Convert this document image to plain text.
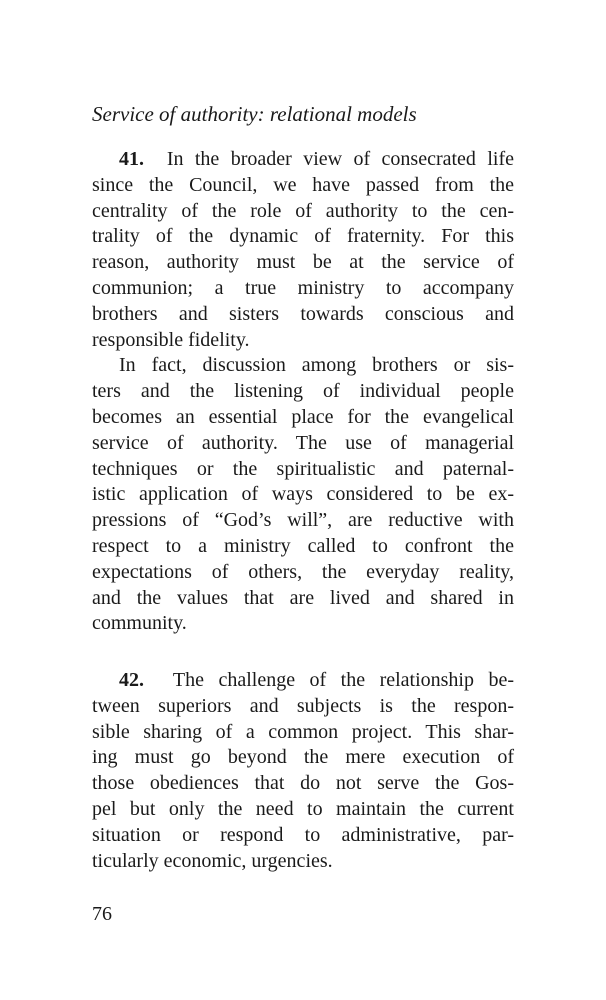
Service of authority: relational models
41. In the broader view of consecrated life
since the Council, we have passed from the
centrality of the role of authority to the cen-
trality of the dynamic of fraternity. For this
reason, authority must be at the service of
communion; a true ministry to accompany
brothers and sisters towards conscious and
responsible fidelity.
In fact, discussion among brothers or sis-
ters and the listening of individual people
becomes an essential place for the evangelical
service of authority. The use of managerial
techniques or the spiritualistic and paternal-
istic application of ways considered to be ex-
pressions of “God’s will”, are reductive with
respect to a ministry called to confront the
expectations of others, the everyday reality,
and the values that are lived and shared in
community.
42. The challenge of the relationship be-
tween superiors and subjects is the respon-
sible sharing of a common project. This shar-
ing must go beyond the mere execution of
those obediences that do not serve the Gos-
pel but only the need to maintain the current
situation or respond to administrative, par-
ticularly economic, urgencies.
76
